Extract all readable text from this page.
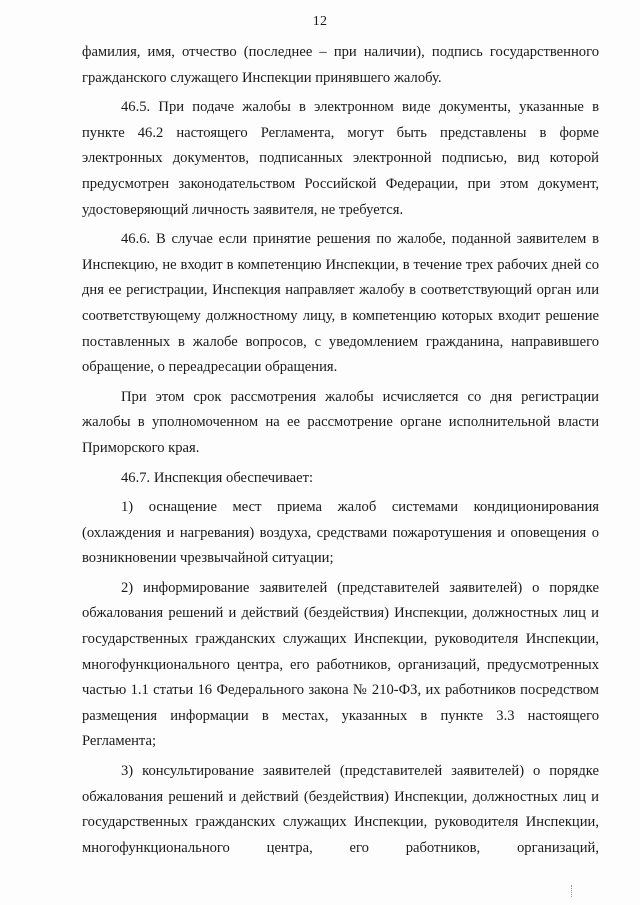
12

фамилия, имя, отчество (последнее – при наличии), подпись государственного гражданского служащего Инспекции принявшего жалобу.

46.5. При подаче жалобы в электронном виде документы, указанные в пункте 46.2 настоящего Регламента, могут быть представлены в форме электронных документов, подписанных электронной подписью, вид которой предусмотрен законодательством Российской Федерации, при этом документ, удостоверяющий личность заявителя, не требуется.

46.6. В случае если принятие решения по жалобе, поданной заявителем в Инспекцию, не входит в компетенцию Инспекции, в течение трех рабочих дней со дня ее регистрации, Инспекция направляет жалобу в соответствующий орган или соответствующему должностному лицу, в компетенцию которых входит решение поставленных в жалобе вопросов, с уведомлением гражданина, направившего обращение, о переадресации обращения.

При этом срок рассмотрения жалобы исчисляется со дня регистрации жалобы в уполномоченном на ее рассмотрение органе исполнительной власти Приморского края.

46.7. Инспекция обеспечивает:

1) оснащение мест приема жалоб системами кондиционирования (охлаждения и нагревания) воздуха, средствами пожаротушения и оповещения о возникновении чрезвычайной ситуации;

2) информирование заявителей (представителей заявителей) о порядке обжалования решений и действий (бездействия) Инспекции, должностных лиц и государственных гражданских служащих Инспекции, руководителя Инспекции, многофункционального центра, его работников, организаций, предусмотренных частью 1.1 статьи 16 Федерального закона № 210-ФЗ, их работников посредством размещения информации в местах, указанных в пункте 3.3 настоящего Регламента;

3) консультирование заявителей (представителей заявителей) о порядке обжалования решений и действий (бездействия) Инспекции, должностных лиц и государственных гражданских служащих Инспекции, руководителя Инспекции, многофункционального центра, его работников, организаций,
